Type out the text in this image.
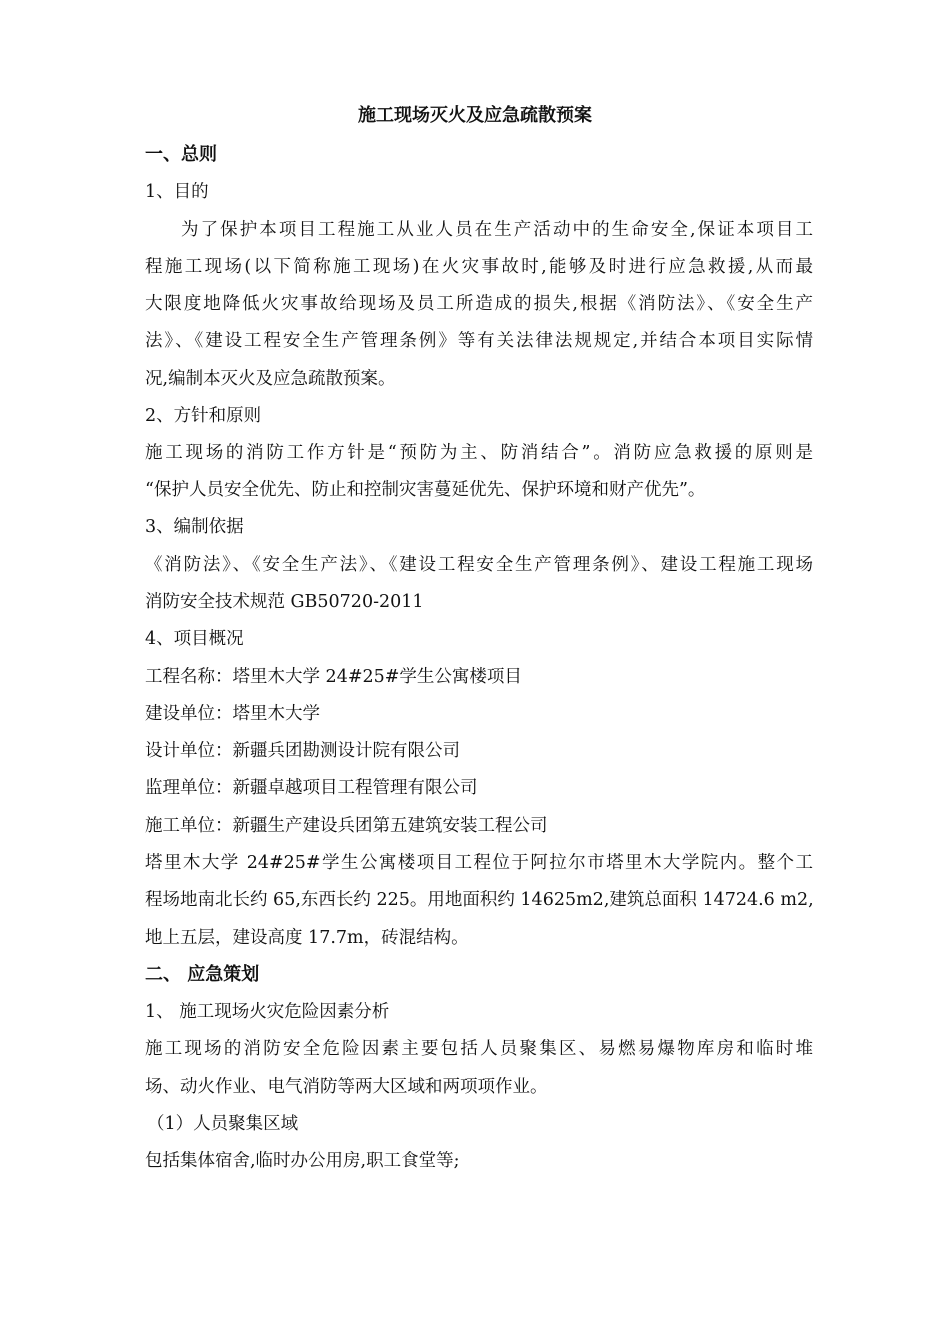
施工现场灭火及应急疏散预案

一、总则

1、目的

为了保护本项目工程施工从业人员在生产活动中的生命安全,保证本项目工

程施工现场(以下简称施工现场)在火灾事故时,能够及时进行应急救援,从而最

大限度地降低火灾事故给现场及员工所造成的损失,根据《消防法》、《安全生产

法》、《建设工程安全生产管理条例》等有关法律法规规定,并结合本项目实际情

况,编制本灭火及应急疏散预案。

2、方针和原则

施工现场的消防工作方针是“预防为主、防消结合”。消防应急救援的原则是

“保护人员安全优先、防止和控制灾害蔓延优先、保护环境和财产优先”。

3、编制依据

《消防法》、《安全生产法》、《建设工程安全生产管理条例》、建设工程施工现场

消防安全技术规范 GB50720-2011

4、项目概况

工程名称：塔里木大学 24#25#学生公寓楼项目

建设单位：塔里木大学

设计单位：新疆兵团勘测设计院有限公司

监理单位：新疆卓越项目工程管理有限公司

施工单位：新疆生产建设兵团第五建筑安装工程公司

塔里木大学 24#25#学生公寓楼项目工程位于阿拉尔市塔里木大学院内。整个工

程场地南北长约 65,东西长约 225。用地面积约 14625m2,建筑总面积 14724.6 m2,

地上五层，建设高度 17.7m，砖混结构。

二、 应急策划

1、 施工现场火灾危险因素分析

施工现场的消防安全危险因素主要包括人员聚集区、易燃易爆物库房和临时堆

场、动火作业、电气消防等两大区域和两项项作业。

（1）人员聚集区域

包括集体宿舍,临时办公用房,职工食堂等;
